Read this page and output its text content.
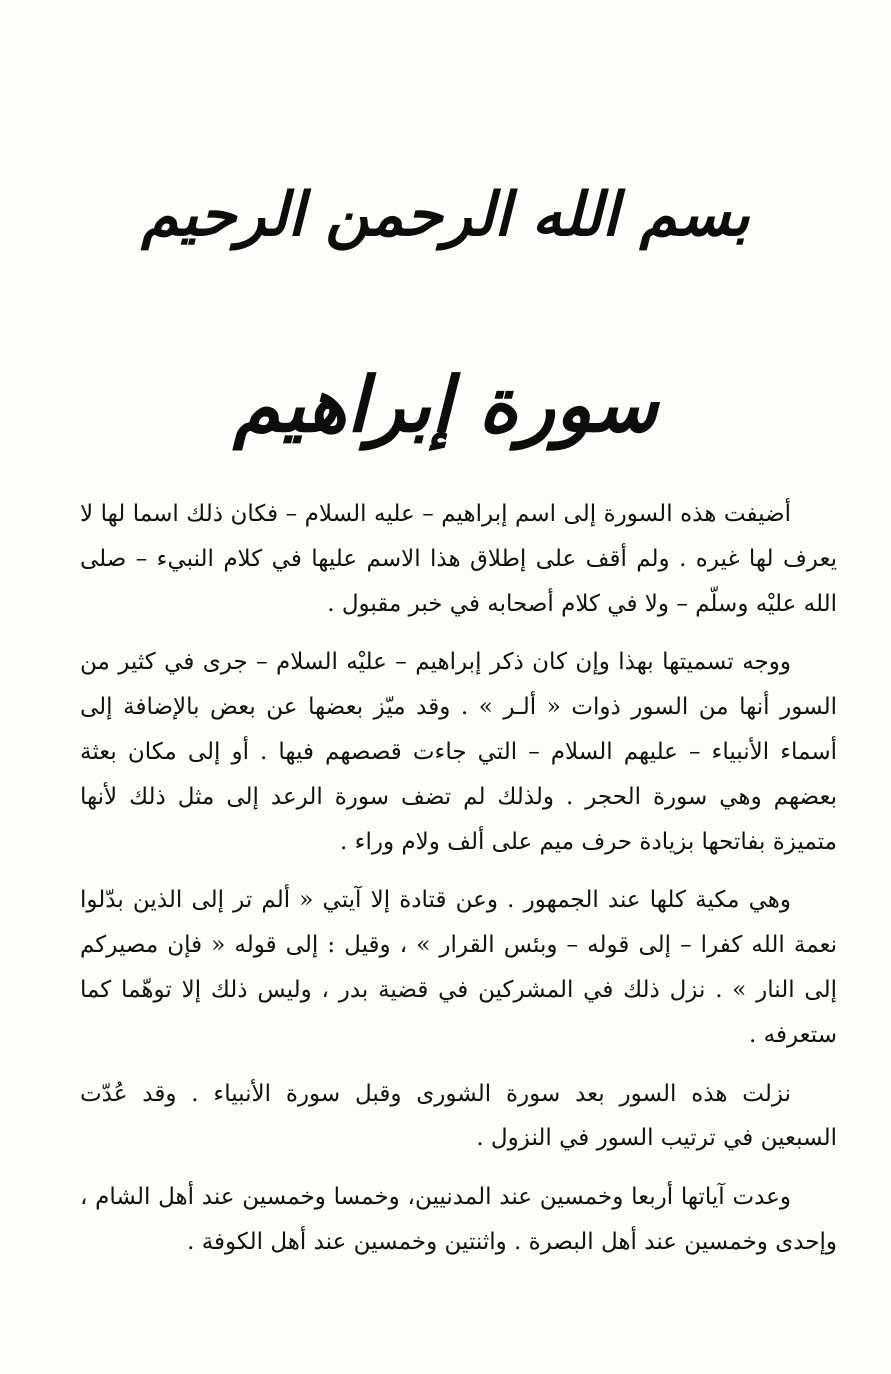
بسم الله الرحمن الرحيم
سورة إبراهيم

أضيفت هذه السورة إلى اسم إبراهيم – عليه السلام – فكان ذلك اسما لها لا يعرف لها غيره . ولم أقف على إطلاق هذا الاسم عليها في كلام النبيء – صلى الله عليْه وسلّم – ولا في كلام أصحابه في خبر مقبول .

ووجه تسميتها بهذا وإن كان ذكر إبراهيم – عليْه السلام – جرى في كثير من السور أنها من السور ذوات « ألـر » . وقد ميّز بعضها عن بعض بالإضافة إلى أسماء الأنبياء – عليهم السلام – التي جاءت قصصهم فيها . أو إلى مكان بعثة بعضهم وهي سورة الحجر . ولذلك لم تضف سورة الرعد إلى مثل ذلك لأنها متميزة بفاتحها بزيادة حرف ميم على ألف ولام وراء .

وهي مكية كلها عند الجمهور . وعن قتادة إلا آيتي « ألم تر إلى الذين بدّلوا نعمة الله كفرا – إلى قوله – وبئس القرار » ، وقيل : إلى قوله « فإن مصيركم إلى النار » . نزل ذلك في المشركين في قضية بدر ، وليس ذلك إلا توهّما كما ستعرفه .

نزلت هذه السور بعد سورة الشورى وقبل سورة الأنبياء . وقد عُدّت السبعين في ترتيب السور في النزول .

وعدت آياتها أربعا وخمسين عند المدنيين، وخمسا وخمسين عند أهل الشام ، وإحدى وخمسين عند أهل البصرة . واثنتين وخمسين عند أهل الكوفة .
